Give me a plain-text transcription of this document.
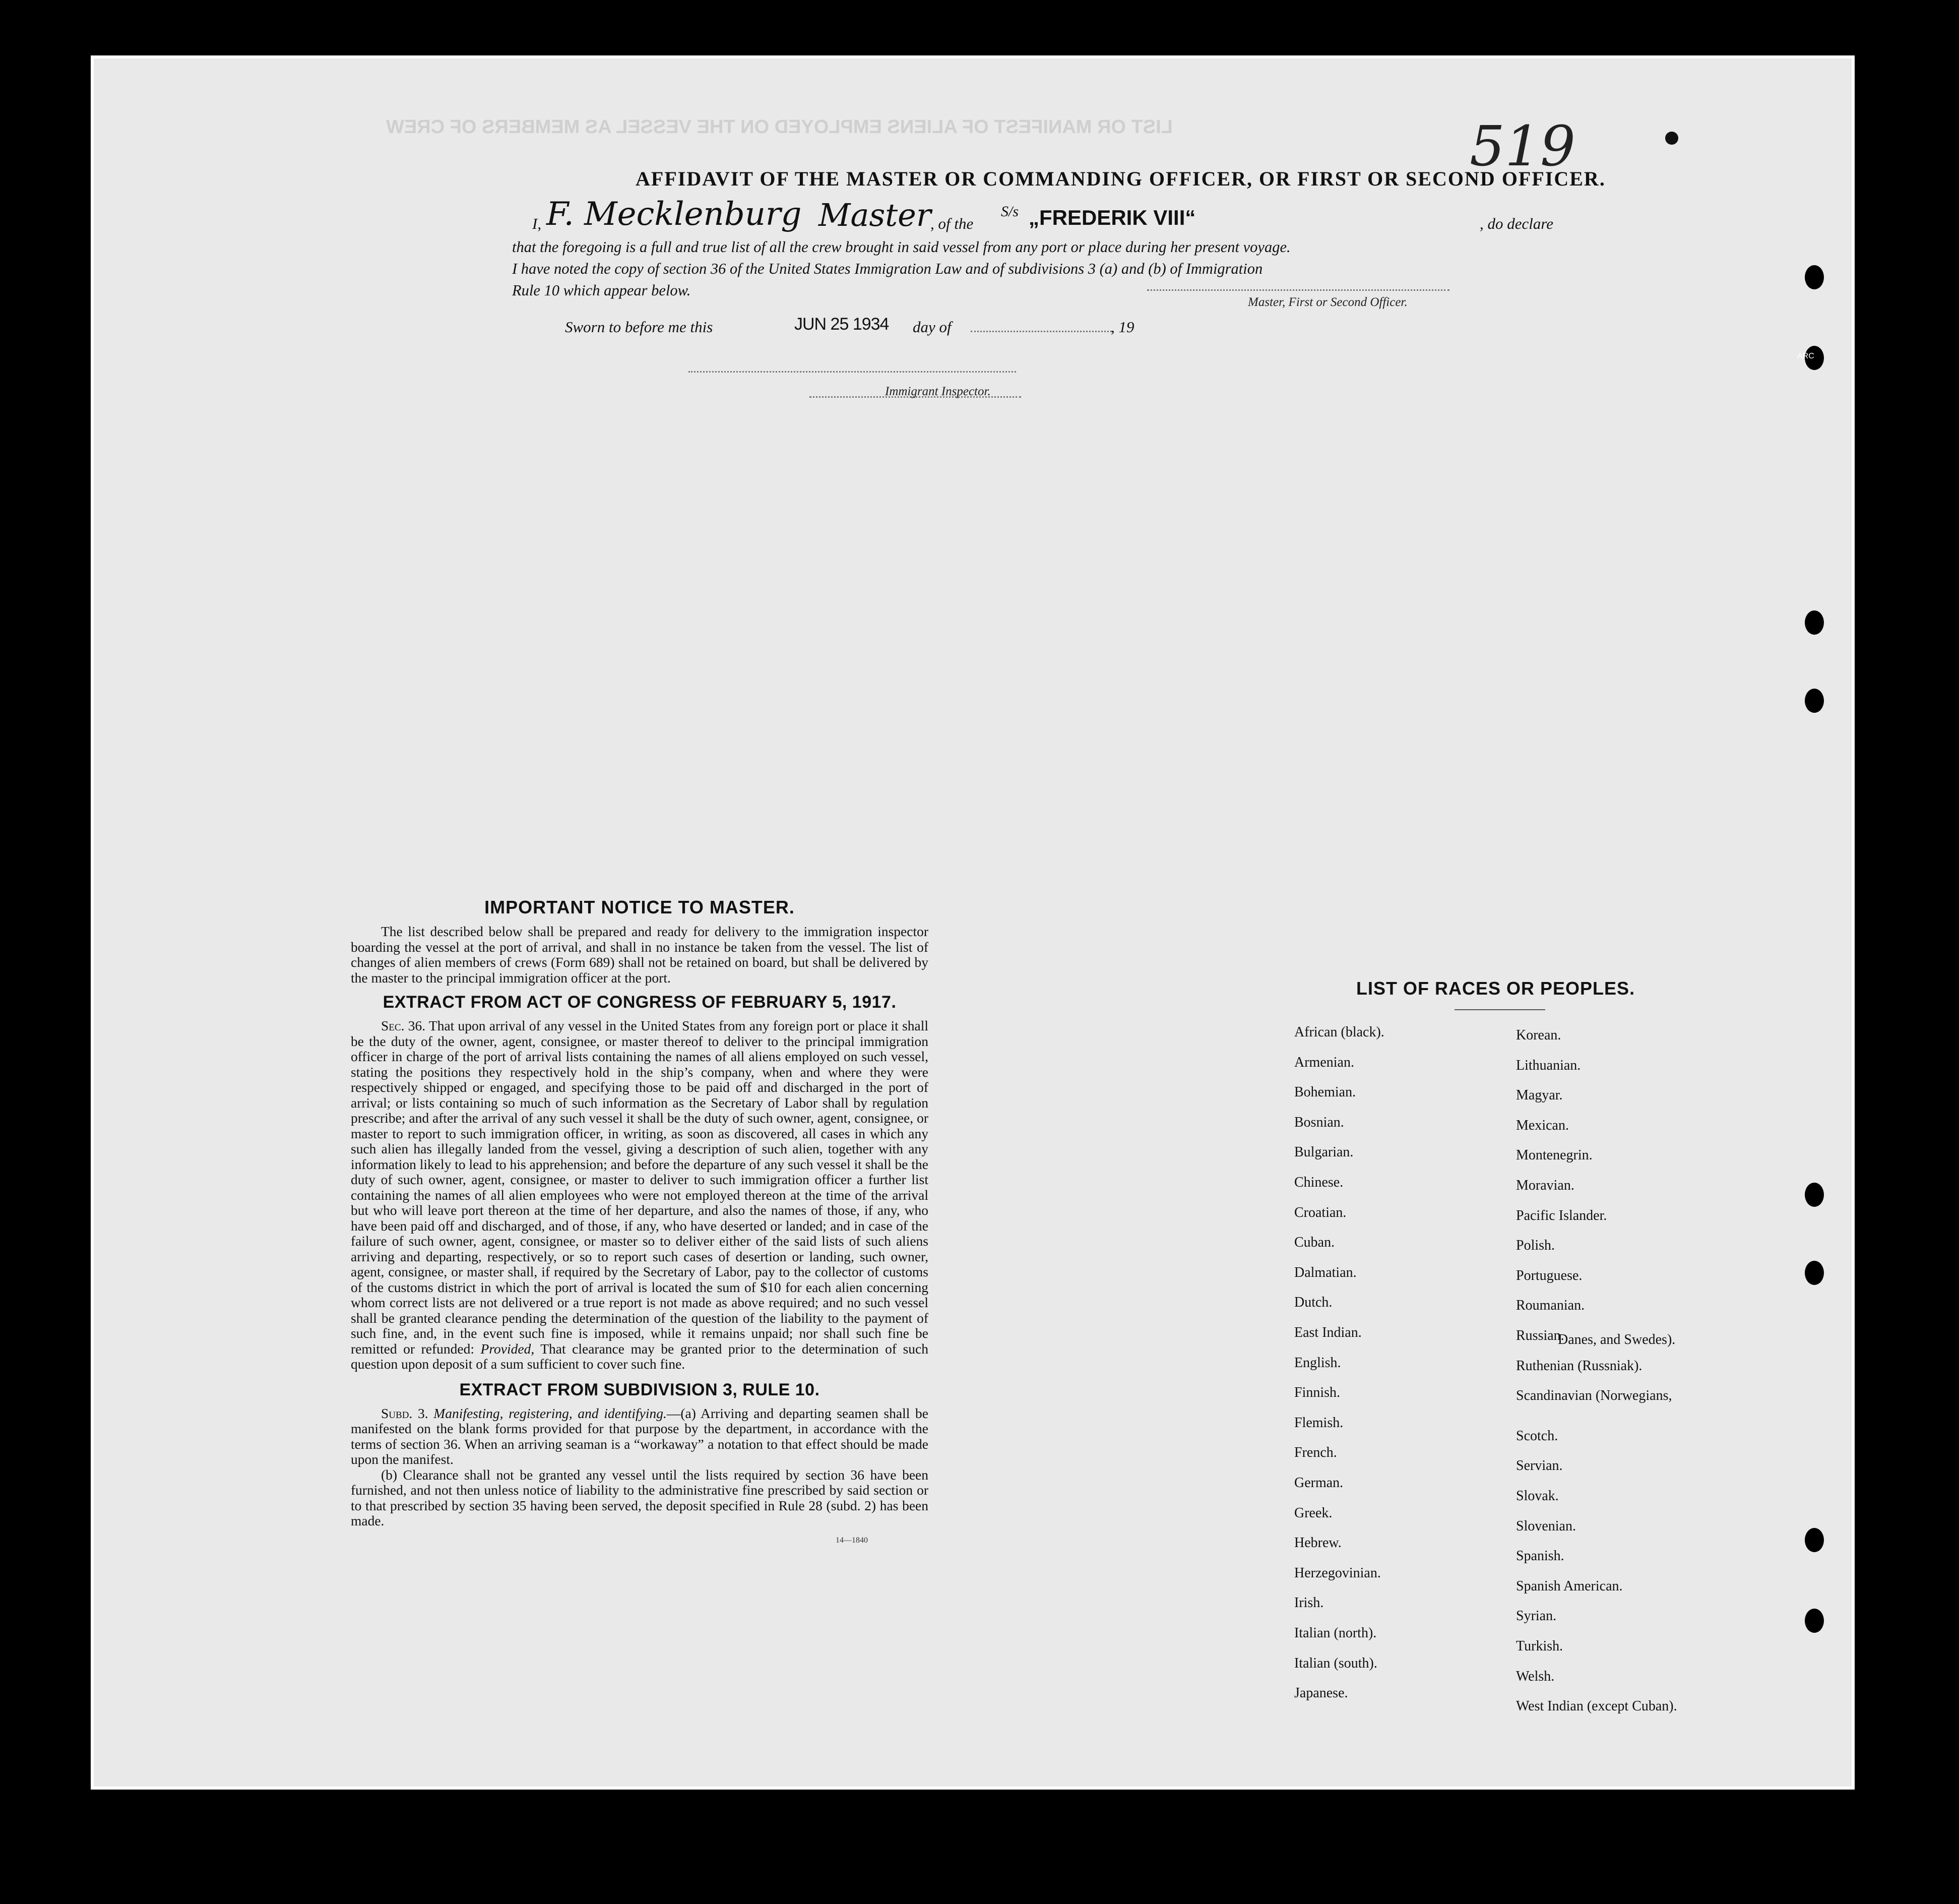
LIST OR MANIFEST OF ALIENS EMPLOYED ON THE VESSEL AS MEMBERS OF CREW	519
AFFIDAVIT OF THE MASTER OR COMMANDING OFFICER, OR FIRST OR SECOND OFFICER.
I, F. Mecklenburg Master
, of the
S/s „FREDERIK VIII“	, do declare
that the foregoing is a full and true list of all the crew brought in said vessel from any port or place during her present voyage.
I have noted the copy of section 36 of the United States Immigration Law and of subdivisions 3 (a) and (b) of Immigration
Rule 10 which appear below.
Master, First or Second Officer.
Sworn to before me this	JUN 25 1934 day of	, 19
Immigrant Inspector.
IMPORTANT NOTICE TO MASTER.

The list described below shall be prepared and ready for delivery to the immigration inspector boarding the vessel at the port of arrival, and shall in no instance be taken from the vessel. The list of changes of alien members of crews (Form 689) shall not be retained on board, but shall be delivered by the master to the principal immigration officer at the port.

EXTRACT FROM ACT OF CONGRESS OF FEBRUARY 5, 1917.

Sec. 36. That upon arrival of any vessel in the United States from any foreign port or place it shall be the duty of the owner, agent, consignee, or master thereof to deliver to the principal immigration officer in charge of the port of arrival lists containing the names of all aliens employed on such vessel, stating the positions they respectively hold in the ship’s company, when and where they were respectively shipped or engaged, and specifying those to be paid off and discharged in the port of arrival; or lists containing so much of such information as the Secretary of Labor shall by regulation prescribe; and after the arrival of any such vessel it shall be the duty of such owner, agent, consignee, or master to report to such immigration officer, in writing, as soon as discovered, all cases in which any such alien has illegally landed from the vessel, giving a description of such alien, together with any information likely to lead to his apprehension; and before the departure of any such vessel it shall be the duty of such owner, agent, consignee, or master to deliver to such immigration officer a further list containing the names of all alien employees who were not employed thereon at the time of the arrival but who will leave port thereon at the time of her departure, and also the names of those, if any, who have been paid off and discharged, and of those, if any, who have deserted or landed; and in case of the failure of such owner, agent, consignee, or master so to deliver either of the said lists of such aliens arriving and departing, respectively, or so to report such cases of desertion or landing, such owner, agent, consignee, or master shall, if required by the Secretary of Labor, pay to the collector of customs of the customs district in which the port of arrival is located the sum of $10 for each alien concerning whom correct lists are not delivered or a true report is not made as above required; and no such vessel shall be granted clearance pending the determination of the question of the liability to the payment of such fine, and, in the event such fine is imposed, while it remains unpaid; nor shall such fine be remitted or refunded: Provided, That clearance may be granted prior to the determination of such question upon deposit of a sum sufficient to cover such fine.

EXTRACT FROM SUBDIVISION 3, RULE 10.

Subd. 3. Manifesting, registering, and identifying.—(a) Arriving and departing seamen shall be manifested on the blank forms provided for that purpose by the department, in accordance with the terms of section 36. When an arriving seaman is a “workaway” a notation to that effect should be made upon the manifest.

(b) Clearance shall not be granted any vessel until the lists required by section 36 have been furnished, and not then unless notice of liability to the administrative fine prescribed by said section or to that prescribed by section 35 having been served, the deposit specified in Rule 28 (subd. 2) has been made.

14—1840
LIST OF RACES OR PEOPLES.
Danes, and Swedes).
ARC
African (black).
Armenian.
Bohemian.
Bosnian.
Bulgarian.
Chinese.
Croatian.
Cuban.
Dalmatian.
Dutch.
East Indian.
English.
Finnish.
Flemish.
French.
German.
Greek.
Hebrew.
Herzegovinian.
Irish.
Italian (north).
Italian (south).
Japanese.
Korean.
Lithuanian.
Magyar.
Mexican.
Montenegrin.
Moravian.
Pacific Islander.
Polish.
Portuguese.
Roumanian.
Russian.
Ruthenian (Russniak).
Scandinavian (Norwegians,
Scotch.
Servian.
Slovak.
Slovenian.
Spanish.
Spanish American.
Syrian.
Turkish.
Welsh.
West Indian (except Cuban).
